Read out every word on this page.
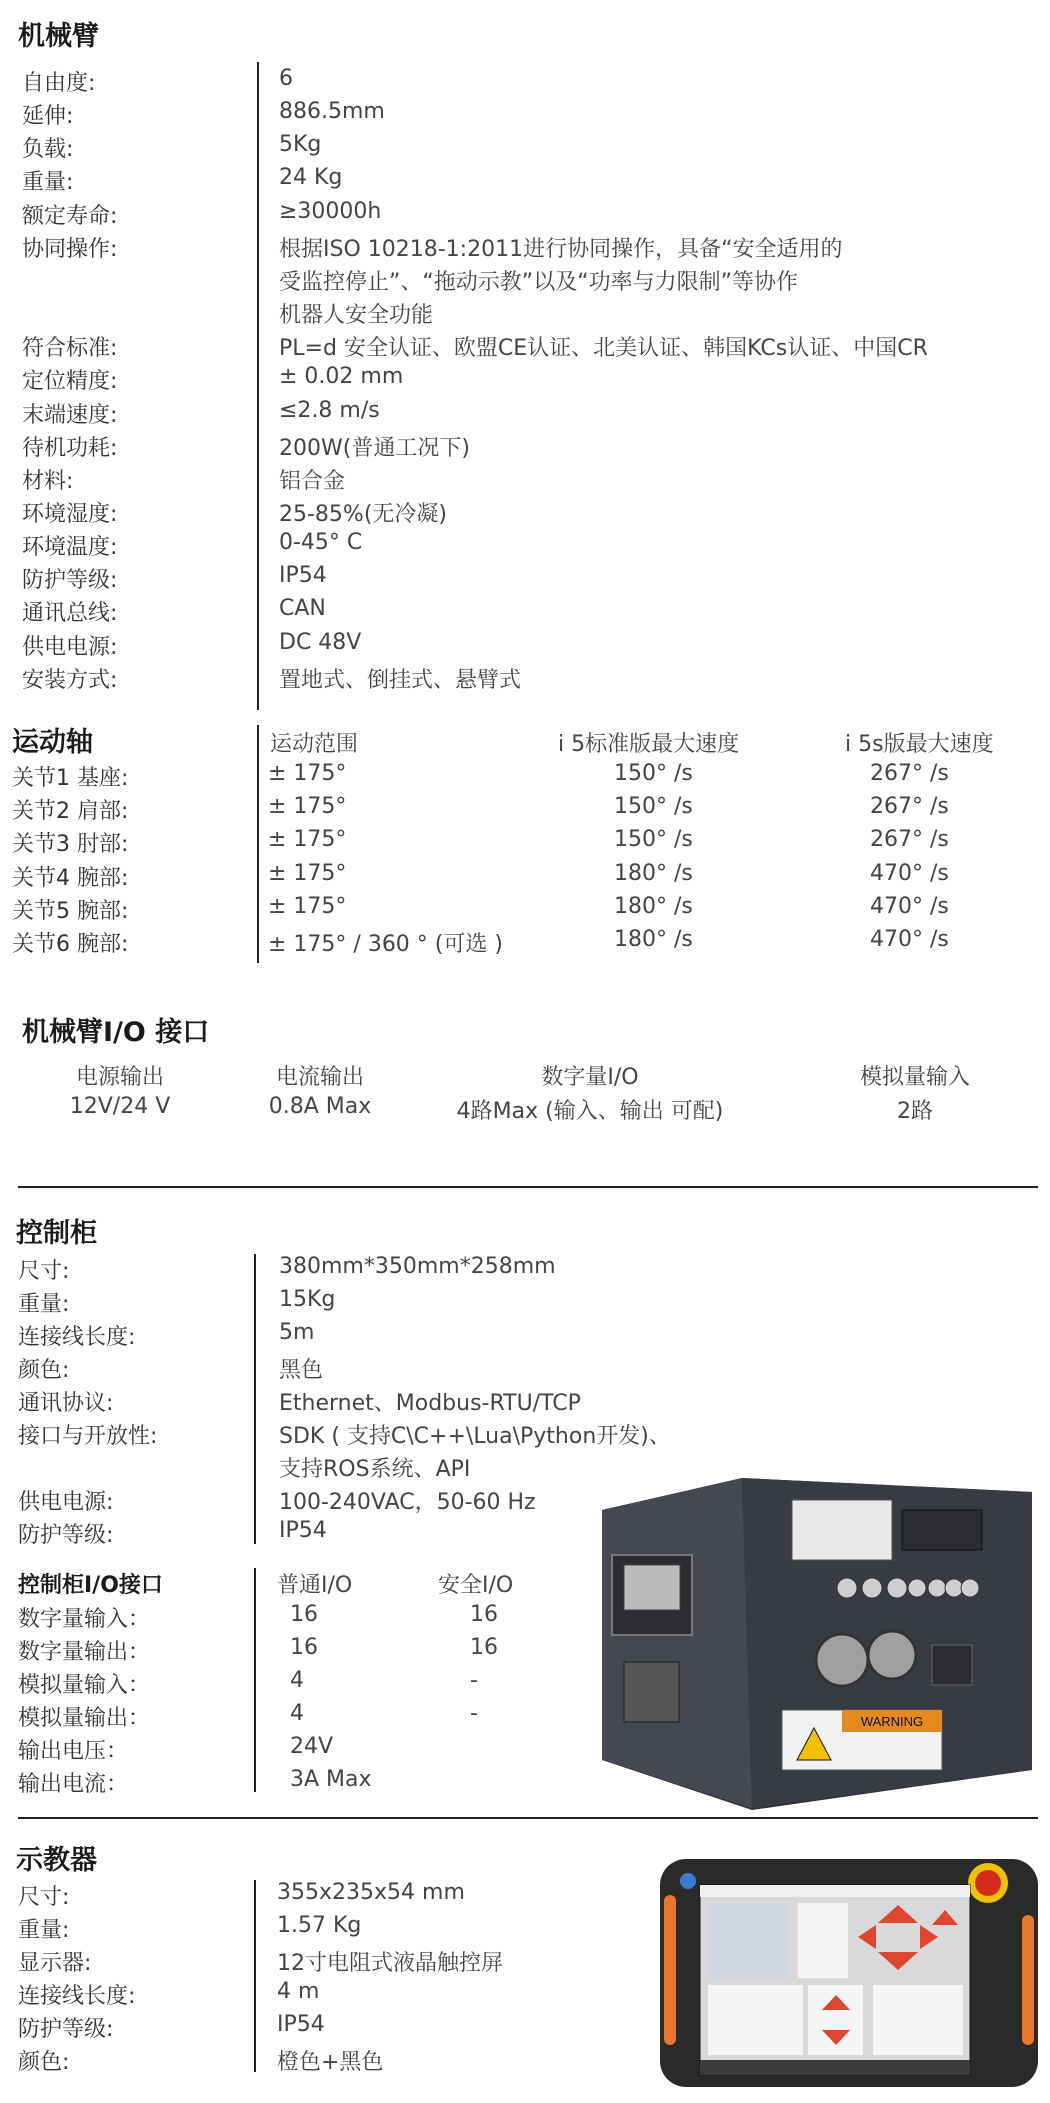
机械臂
自由度:	6
延伸:	886.5mm
负载:	5Kg
重量:	24 Kg
额定寿命:	≥30000h
协同操作:	根据ISO 10218-1:2011进行协同操作，具备“安全适用的
受监控停止”、“拖动示教”以及“功率与力限制”等协作
机器人安全功能
符合标准:	PL=d 安全认证、欧盟CE认证、北美认证、韩国KCs认证、中国CR
定位精度:	± 0.02 mm
末端速度:	≤2.8 m/s
待机功耗:	200W(普通工况下)
材料:	铝合金
环境湿度:	25-85%(无冷凝)
环境温度:	0-45° C
防护等级:	IP54
通讯总线:	CAN
供电电源:	DC 48V
安装方式:	置地式、倒挂式、悬臂式
运动轴	运动范围	i 5标准版最大速度	i 5s版最大速度
关节1 基座:	± 175°	150° /s	267° /s
关节2 肩部:	± 175°	150° /s	267° /s
关节3 肘部:	± 175°	150° /s	267° /s
关节4 腕部:	± 175°	180° /s	470° /s
关节5 腕部:	± 175°	180° /s	470° /s
关节6 腕部:	± 175° / 360 ° (可选 )	180° /s	470° /s
机械臂I/O 接口
电源输出	电流输出	数字量I/O	模拟量输入
12V/24 V	0.8A Max	4路Max (输入、输出 可配)	2路
控制柜
尺寸:	380mm*350mm*258mm
重量:	15Kg
连接线长度:	5m
颜色:	黑色
通讯协议:	Ethernet、Modbus-RTU/TCP
接口与开放性:	SDK ( 支持C\C++\Lua\Python开发)、
支持ROS系统、API
供电电源:	100-240VAC，50-60 Hz
防护等级:	IP54
控制柜I/O接口	普通I/O	安全I/O
数字量输入：	16	16
数字量输出：	16	16
模拟量输入：	4	-
模拟量输出：	4	-
输出电压：	24V
输出电流：	3A Max
WARNING
示教器
尺寸:	355x235x54 mm
重量:	1.57 Kg
显示器:	12寸电阻式液晶触控屏
连接线长度:	4 m
防护等级:	IP54
颜色:	橙色+黑色
